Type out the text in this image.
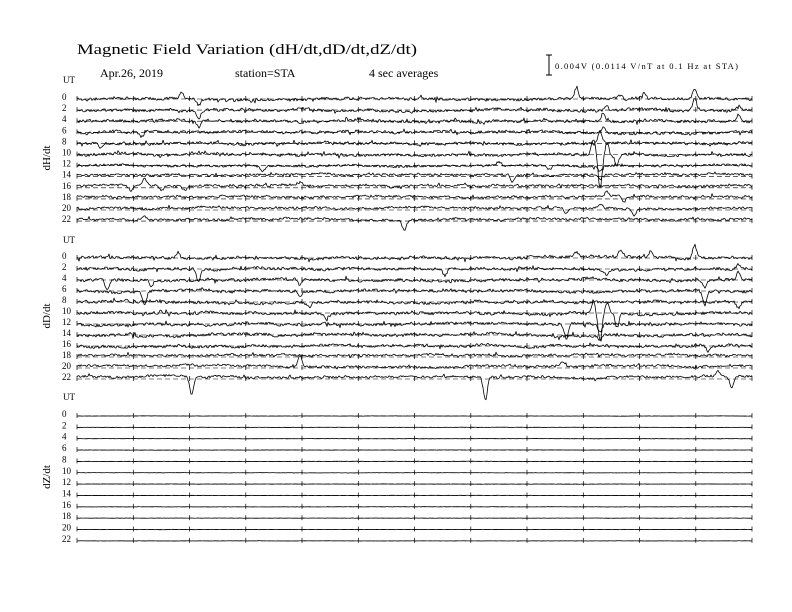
Magnetic Field Variation (dH/dt,dD/dt,dZ/dt)
Apr.26, 2019	station=STA	4 sec averages	0.004V (0.0114 V/nT at 0.1 Hz at STA)
UT
dH/dt
0
2
4
6
8
10
12
14
16
18
20
22
UT
dD/dt
0
2
4
6
8
10
12
14
16
18
20
22
UT
dZ/dt
0
2
4
6
8
10
12
14
16
18
20
22
